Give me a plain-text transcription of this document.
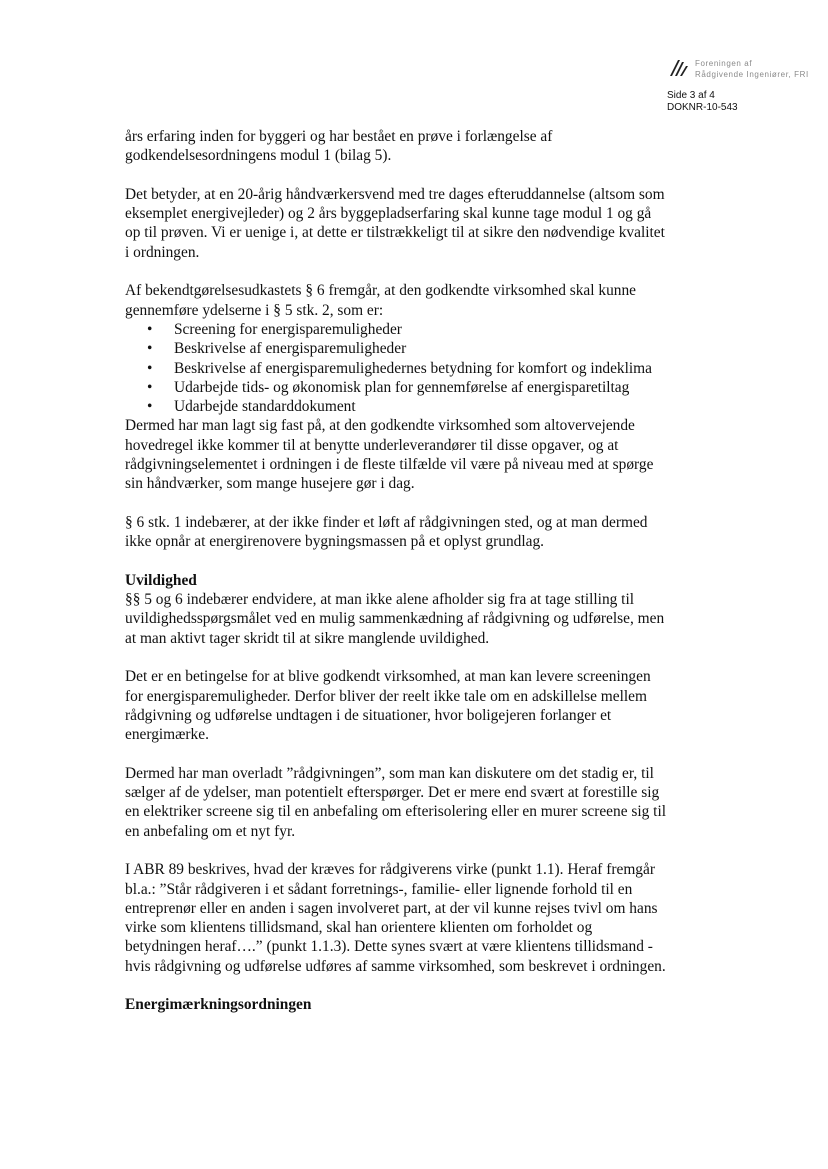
Foreningen af
Rådgivende Ingeniører, FRI
Side 3 af 4
DOKNR-10-543

års erfaring inden for byggeri og har bestået en prøve i forlængelse af godkendelsesordningens modul 1 (bilag 5).

Det betyder, at en 20-årig håndværkersvend med tre dages efteruddannelse (altsom som eksemplet energivejleder) og 2 års byggepladserfaring skal kunne tage modul 1 og gå op til prøven. Vi er uenige i, at dette er tilstrækkeligt til at sikre den nødvendige kvalitet i ordningen.

Af bekendtgørelsesudkastets § 6 fremgår, at den godkendte virksomhed skal kunne gennemføre ydelserne i § 5 stk. 2, som er:

• Screening for energisparemuligheder
• Beskrivelse af energisparemuligheder
• Beskrivelse af energisparemulighedernes betydning for komfort og indeklima
• Udarbejde tids- og økonomisk plan for gennemførelse af energisparetiltag
• Udarbejde standarddokument

Dermed har man lagt sig fast på, at den godkendte virksomhed som altovervejende hovedregel ikke kommer til at benytte underleverandører til disse opgaver, og at rådgivningselementet i ordningen i de fleste tilfælde vil være på niveau med at spørge sin håndværker, som mange husejere gør i dag.

§ 6 stk. 1 indebærer, at der ikke finder et løft af rådgivningen sted, og at man dermed ikke opnår at energirenovere bygningsmassen på et oplyst grundlag.

Uvildighed

§§ 5 og 6 indebærer endvidere, at man ikke alene afholder sig fra at tage stilling til uvildighedsspørgsmålet ved en mulig sammenkædning af rådgivning og udførelse, men at man aktivt tager skridt til at sikre manglende uvildighed.

Det er en betingelse for at blive godkendt virksomhed, at man kan levere screeningen for energisparemuligheder. Derfor bliver der reelt ikke tale om en adskillelse mellem rådgivning og udførelse undtagen i de situationer, hvor boligejeren forlanger et energimærke.

Dermed har man overladt ”rådgivningen”, som man kan diskutere om det stadig er, til sælger af de ydelser, man potentielt efterspørger. Det er mere end svært at forestille sig en elektriker screene sig til en anbefaling om efterisolering eller en murer screene sig til en anbefaling om et nyt fyr.

I ABR 89 beskrives, hvad der kræves for rådgiverens virke (punkt 1.1). Heraf fremgår bl.a.: ”Står rådgiveren i et sådant forretnings-, familie- eller lignende forhold til en entreprenør eller en anden i sagen involveret part, at der vil kunne rejses tvivl om hans virke som klientens tillidsmand, skal han orientere klienten om forholdet og betydningen heraf….” (punkt 1.1.3). Dette synes svært at være klientens tillidsmand - hvis rådgivning og udførelse udføres af samme virksomhed, som beskrevet i ordningen.

Energimærkningsordningen
